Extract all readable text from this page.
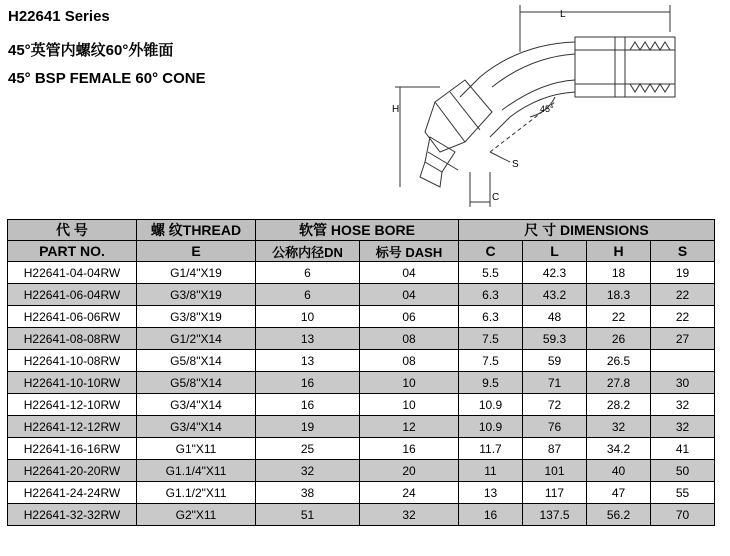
H22641 Series
45°英管内螺纹60°外锥面
45° BSP FEMALE 60° CONE
L
H	45°
S
C
代 号	螺 纹THREAD	软管 HOSE BORE		尺 寸 DIMENSIONS			
PART NO.	E	公称内径DN	标号 DASH	C	L	H	S
H22641-04-04RW	G1/4"X19	6	04	5.5	42.3	18	19
H22641-06-04RW	G3/8"X19	6	04	6.3	43.2	18.3	22
H22641-06-06RW	G3/8"X19	10	06	6.3	48	22	22
H22641-08-08RW	G1/2"X14	13	08	7.5	59.3	26	27
H22641-10-08RW	G5/8"X14	13	08	7.5	59	26.5	
H22641-10-10RW	G5/8"X14	16	10	9.5	71	27.8	30
H22641-12-10RW	G3/4"X14	16	10	10.9	72	28.2	32
H22641-12-12RW	G3/4"X14	19	12	10.9	76	32	32
H22641-16-16RW	G1"X11	25	16	11.7	87	34.2	41
H22641-20-20RW	G1.1/4"X11	32	20	11	101	40	50
H22641-24-24RW	G1.1/2"X11	38	24	13	117	47	55
H22641-32-32RW	G2"X11	51	32	16	137.5	56.2	70
